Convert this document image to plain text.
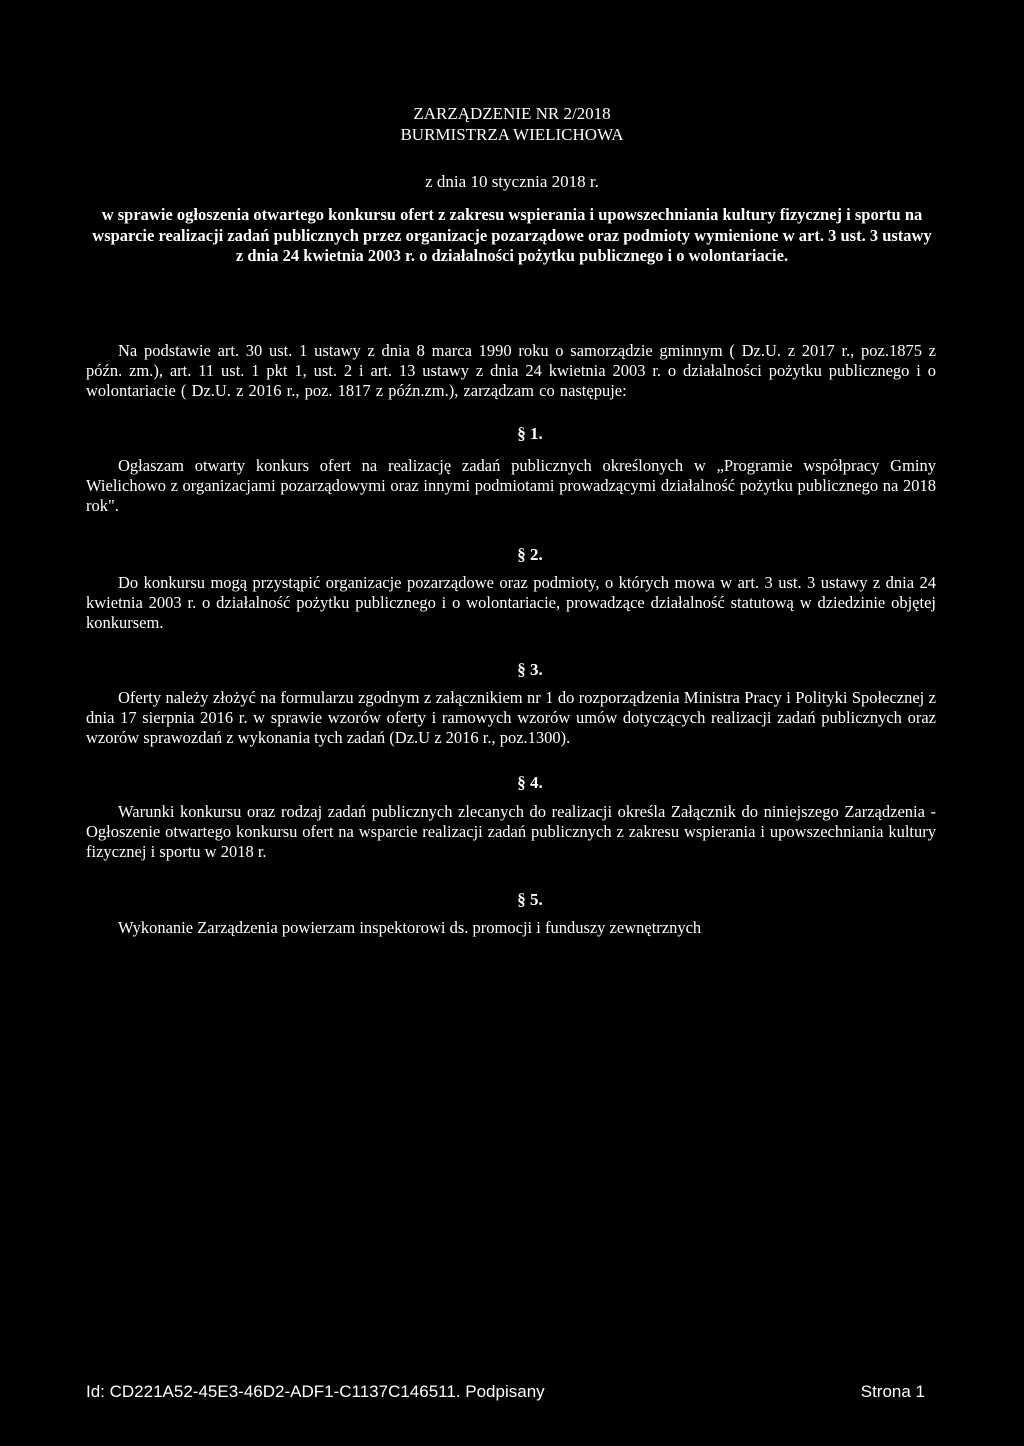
ZARZĄDZENIE NR 2/2018
BURMISTRZA WIELICHOWA
z dnia 10 stycznia 2018 r.
w sprawie ogłoszenia otwartego konkursu ofert z zakresu wspierania i upowszechniania kultury fizycznej i sportu na wsparcie realizacji zadań publicznych przez organizacje pozarządowe oraz podmioty wymienione w art. 3 ust. 3 ustawy z dnia 24 kwietnia 2003 r. o działalności pożytku publicznego i o wolontariacie.
Na podstawie art. 30 ust. 1 ustawy z dnia 8 marca 1990 roku o samorządzie gminnym ( Dz.U. z 2017 r., poz.1875 z późn. zm.), art. 11 ust. 1 pkt 1, ust. 2 i art. 13 ustawy z dnia 24 kwietnia 2003 r. o działalności pożytku publicznego i o wolontariacie ( Dz.U. z 2016 r., poz. 1817 z późn.zm.), zarządzam co następuje:
§ 1.
Ogłaszam otwarty konkurs ofert na realizację zadań publicznych określonych w „Programie współpracy Gminy Wielichowo z organizacjami pozarządowymi oraz innymi podmiotami prowadzącymi działalność pożytku publicznego na 2018 rok".
§ 2.
Do konkursu mogą przystąpić organizacje pozarządowe oraz podmioty, o których mowa w art. 3 ust. 3 ustawy z dnia 24 kwietnia 2003 r. o działalność pożytku publicznego i o wolontariacie, prowadzące działalność statutową w dziedzinie objętej konkursem.
§ 3.
Oferty należy złożyć na formularzu zgodnym z załącznikiem nr 1 do rozporządzenia Ministra Pracy i Polityki Społecznej z dnia 17 sierpnia 2016 r. w sprawie wzorów oferty i ramowych wzorów umów dotyczących realizacji zadań publicznych oraz wzorów sprawozdań z wykonania tych zadań (Dz.U z 2016 r., poz.1300).
§ 4.
Warunki konkursu oraz rodzaj zadań publicznych zlecanych do realizacji określa Załącznik do niniejszego Zarządzenia - Ogłoszenie otwartego konkursu ofert na wsparcie realizacji zadań publicznych z zakresu wspierania i upowszechniania kultury fizycznej i sportu w 2018 r.
§ 5.
Wykonanie Zarządzenia powierzam inspektorowi ds. promocji i funduszy zewnętrznych
Id: CD221A52-45E3-46D2-ADF1-C1137C146511. Podpisany	Strona 1
